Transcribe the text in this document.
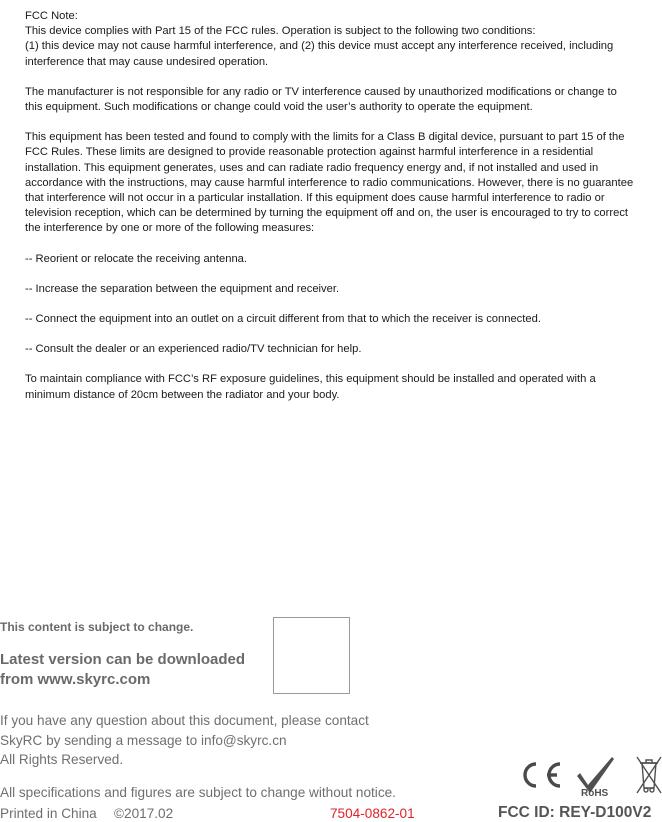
FCC Note:

This device complies with Part 15 of the FCC rules. Operation is subject to the following two conditions:

(1) this device may not cause harmful interference, and (2) this device must accept any interference received, including interference that may cause undesired operation.

The manufacturer is not responsible for any radio or TV interference caused by unauthorized modifications or change to this equipment. Such modifications or change could void the user’s authority to operate the equipment.

This equipment has been tested and found to comply with the limits for a Class B digital device, pursuant to part 15 of the FCC Rules. These limits are designed to provide reasonable protection against harmful interference in a residential installation. This equipment generates, uses and can radiate radio frequency energy and, if not installed and used in accordance with the instructions, may cause harmful interference to radio communications. However, there is no guarantee that interference will not occur in a particular installation. If this equipment does cause harmful interference to radio or television reception, which can be determined by turning the equipment off and on, the user is encouraged to try to correct the interference by one or more of the following measures:

-- Reorient or relocate the receiving antenna.

-- Increase the separation between the equipment and receiver.

-- Connect the equipment into an outlet on a circuit different from that to which the receiver is connected.

-- Consult the dealer or an experienced radio/TV technician for help.

To maintain compliance with FCC’s RF exposure guidelines, this equipment should be installed and operated with a minimum distance of 20cm between the radiator and your body.

This content is subject to change.
Latest version can be downloaded
from www.skyrc.com
If you have any question about this document, please contact
SkyRC by sending a message to info@skyrc.cn
All Rights Reserved.
All specifications and figures are subject to change without notice.
Printed in China ©2017.02	7504-0862-01	FCC ID: REY-D100V2
RoHS
